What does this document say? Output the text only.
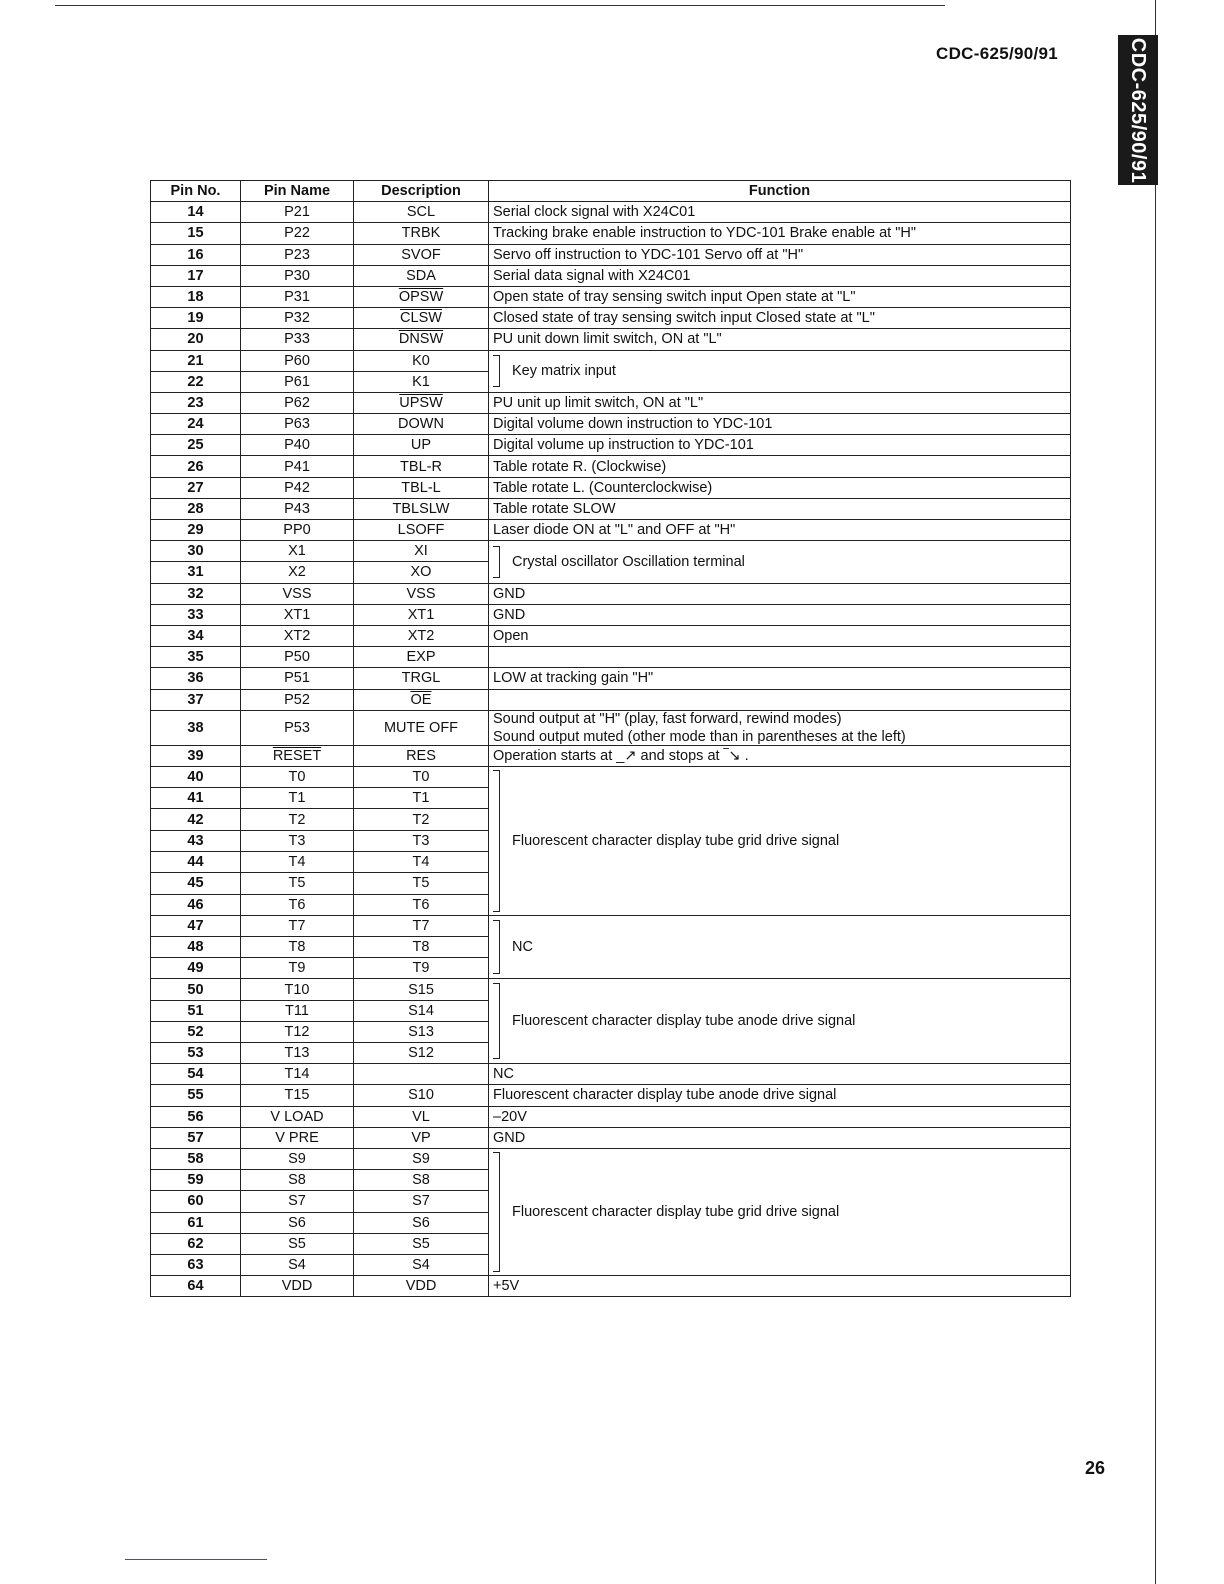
CDC-625/90/91	CDC-625/90/91
Pin No.	Pin Name	Description	Function
14	P21	SCL	Serial clock signal with X24C01
15	P22	TRBK	Tracking brake enable instruction to YDC-101 Brake enable at "H"
16	P23	SVOF	Servo off instruction to YDC-101 Servo off at "H"
17	P30	SDA	Serial data signal with X24C01
18	P31	OPSW	Open state of tray sensing switch input Open state at "L"
19	P32	CLSW	Closed state of tray sensing switch input Closed state at "L"
20	P33	DNSW	PU unit down limit switch, ON at "L"
21	P60	K0	Key matrix input

22	P61	K1	
23	P62	UPSW	PU unit up limit switch, ON at "L"
24	P63	DOWN	Digital volume down instruction to YDC-101
25	P40	UP	Digital volume up instruction to YDC-101
26	P41	TBL-R	Table rotate R. (Clockwise)
27	P42	TBL-L	Table rotate L. (Counterclockwise)
28	P43	TBLSLW	Table rotate SLOW
29	PP0	LSOFF	Laser diode ON at "L" and OFF at "H"
30	X1	XI	Crystal oscillator Oscillation terminal

31	X2	XO	
32	VSS	VSS	GND
33	XT1	XT1	GND
34	XT2	XT2	Open
35	P50	EXP	
36	P51	TRGL	LOW at tracking gain "H"
37	P52	$\overline{OE}$	
38	P53	MUTE OFF	Sound output at "H" (play, fast forward, rewind modes)
Sound output muted (other mode than in parentheses at the left)

39	RESET	RES	Operation starts at _↗ and stops at ‾↘ .
40	T0	T0	Fluorescent character display tube grid drive signal

41	T1	T1	
42	T2	T2	
43	T3	T3	
44	T4	T4	
45	T5	T5	
46	T6	T6	
47	T7	T7	NC

48	T8	T8	
49	T9	T9	
50	T10	S15	Fluorescent character display tube anode drive signal

51	T11	S14	
52	T12	S13	
53	T13	S12	
54	T14		NC
55	T15	S10	Fluorescent character display tube anode drive signal
56	V LOAD	VL	–20V
57	V PRE	VP	GND
58	S9	S9	Fluorescent character display tube grid drive signal

59	S8	S8	
60	S7	S7	
61	S6	S6	
62	S5	S5	
63	S4	S4	
64	VDD	VDD	+5V
26
